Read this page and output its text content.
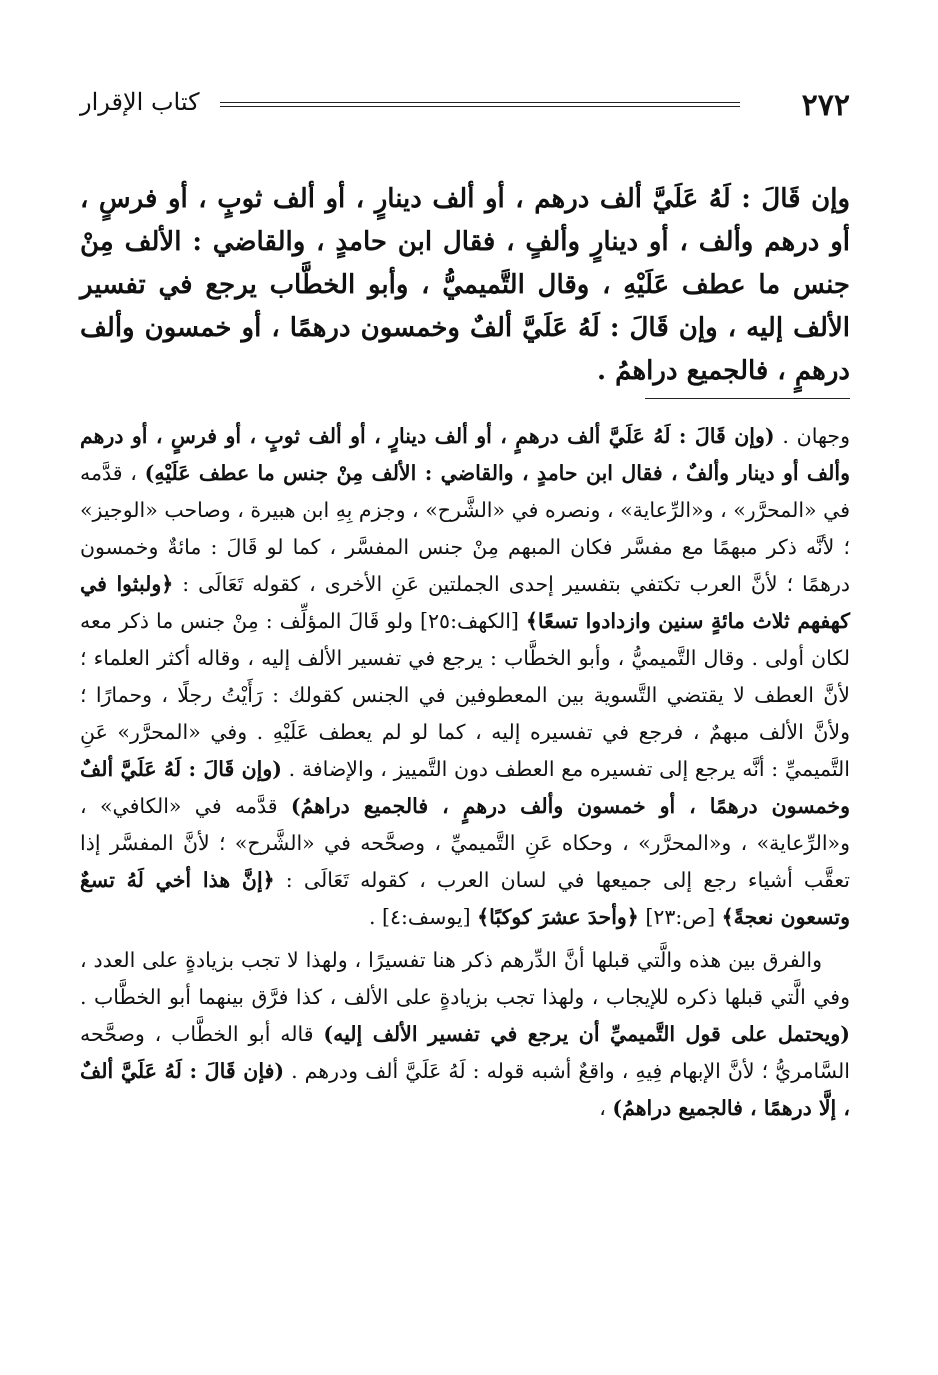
٢٧٢
كتاب الإقرار
وإن قَالَ : لَهُ عَلَيَّ ألف درهم ، أو ألف دينارٍ ، أو ألف ثوبٍ ، أو فرسٍ ، أو درهم وألف ، أو دينارٍ وألفٍ ، فقال ابن حامدٍ ، والقاضي : الألف مِنْ جنس ما عطف عَلَيْهِ ، وقال التَّميميُّ ، وأبو الخطَّاب يرجع في تفسير الألف إليه ، وإن قَالَ : لَهُ عَلَيَّ ألفٌ وخمسون درهمًا ، أو خمسون وألف درهمٍ ، فالجميع دراهمُ .

وجهان . (وإن قَالَ : لَهُ عَلَيَّ ألف درهمٍ ، أو ألف دينارٍ ، أو ألف ثوبٍ ، أو فرسٍ ، أو درهم وألف أو دينار وألفٌ ، فقال ابن حامدٍ ، والقاضي : الألف مِنْ جنس ما عطف عَلَيْهِ) ، قدَّمه في «المحرَّر» ، و«الرِّعاية» ، ونصره في «الشَّرح» ، وجزم بِهِ ابن هبيرة ، وصاحب «الوجيز» ؛ لأنَّه ذكر مبهمًا مع مفسَّر فكان المبهم مِنْ جنس المفسَّر ، كما لو قَالَ : مائةٌ وخمسون درهمًا ؛ لأنَّ العرب تكتفي بتفسير إحدى الجملتين عَنِ الأخرى ، كقوله تَعَالَى : ﴿ولبثوا في كهفهم ثلاث مائةٍ سنين وازدادوا تسعًا﴾ [الكهف:٢٥] ولو قَالَ المؤلِّف : مِنْ جنس ما ذكر معه لكان أولى . وقال التَّميميُّ ، وأبو الخطَّاب : يرجع في تفسير الألف إليه ، وقاله أكثر العلماء ؛ لأنَّ العطف لا يقتضي التَّسوية بين المعطوفين في الجنس كقولك : رَأَيْتُ رجلًا ، وحمارًا ؛ ولأنَّ الألف مبهمٌ ، فرجع في تفسيره إليه ، كما لو لم يعطف عَلَيْهِ . وفي «المحرَّر» عَنِ التَّميميِّ : أنَّه يرجع إلى تفسيره مع العطف دون التَّمييز ، والإضافة . (وإن قَالَ : لَهُ عَلَيَّ ألفٌ وخمسون درهمًا ، أو خمسون وألف درهمٍ ، فالجميع دراهمُ) قدَّمه في «الكافي» ، و«الرِّعاية» ، و«المحرَّر» ، وحكاه عَنِ التَّميميِّ ، وصحَّحه في «الشَّرح» ؛ لأنَّ المفسَّر إذا تعقَّب أشياء رجع إلى جميعها في لسان العرب ، كقوله تَعَالَى : ﴿إنَّ هذا أخي لَهُ تسعٌ وتسعون نعجةً﴾ [ص:٢٣] ﴿وأحدَ عشرَ كوكبًا﴾ [يوسف:٤] .

والفرق بين هذه والَّتي قبلها أنَّ الدِّرهم ذكر هنا تفسيرًا ، ولهذا لا تجب بزيادةٍ على العدد ، وفي الَّتي قبلها ذكره للإيجاب ، ولهذا تجب بزيادةٍ على الألف ، كذا فرَّق بينهما أبو الخطَّاب . (ويحتمل على قول التَّميميِّ أن يرجع في تفسير الألف إليه) قاله أبو الخطَّاب ، وصحَّحه السَّامريُّ ؛ لأنَّ الإبهام فِيهِ ، واقعٌ أشبه قوله : لَهُ عَلَيَّ ألف ودرهم . (فإن قَالَ : لَهُ عَلَيَّ ألفٌ ، إلَّا درهمًا ، فالجميع دراهمُ) ،
